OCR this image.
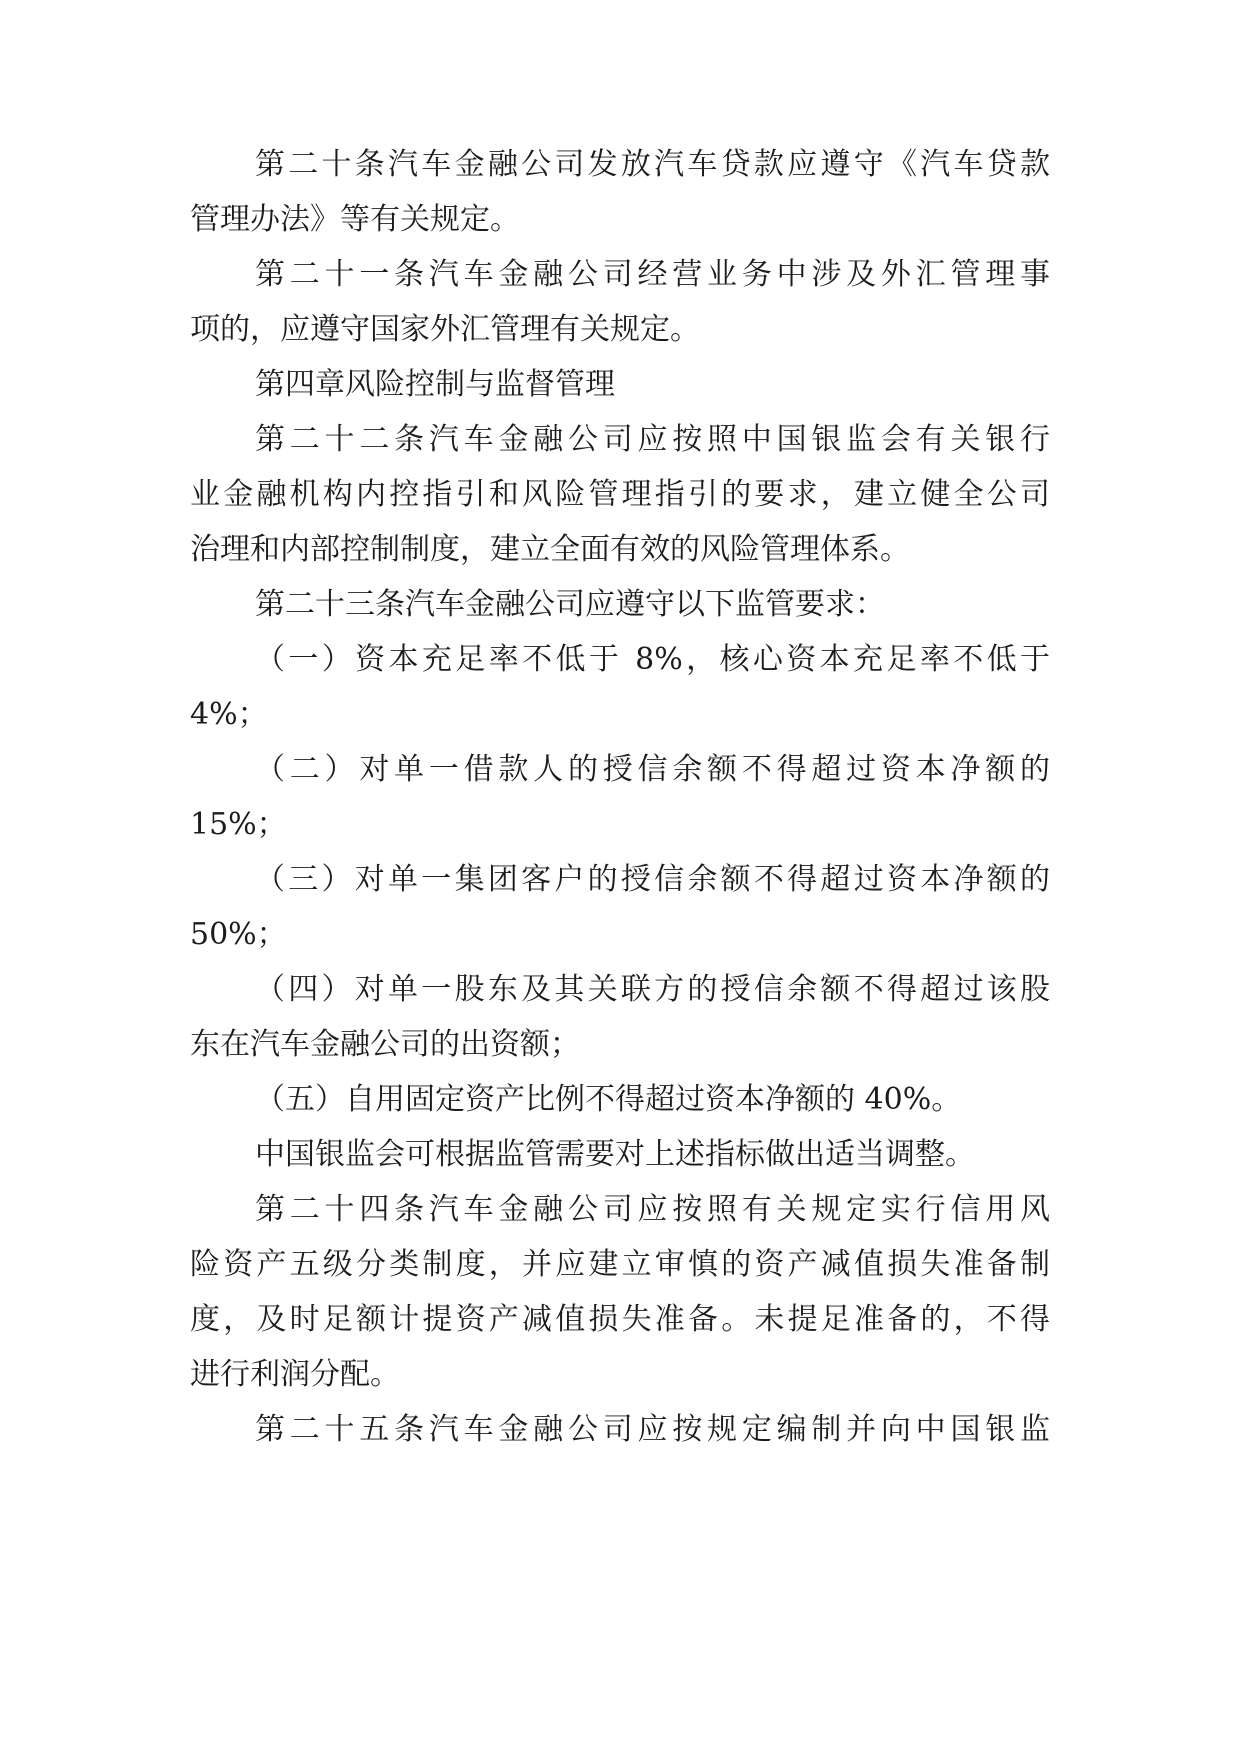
第二十条汽车金融公司发放汽车贷款应遵守《汽车贷款

管理办法》等有关规定。

第二十一条汽车金融公司经营业务中涉及外汇管理事

项的，应遵守国家外汇管理有关规定。

第四章风险控制与监督管理

第二十二条汽车金融公司应按照中国银监会有关银行

业金融机构内控指引和风险管理指引的要求，建立健全公司

治理和内部控制制度，建立全面有效的风险管理体系。

第二十三条汽车金融公司应遵守以下监管要求：

（一）资本充足率不低于 8%，核心资本充足率不低于

4%；

（二）对单一借款人的授信余额不得超过资本净额的

15%；

（三）对单一集团客户的授信余额不得超过资本净额的

50%；

（四）对单一股东及其关联方的授信余额不得超过该股

东在汽车金融公司的出资额；

（五）自用固定资产比例不得超过资本净额的 40%。

中国银监会可根据监管需要对上述指标做出适当调整。

第二十四条汽车金融公司应按照有关规定实行信用风

险资产五级分类制度，并应建立审慎的资产减值损失准备制

度，及时足额计提资产减值损失准备。未提足准备的，不得

进行利润分配。

第二十五条汽车金融公司应按规定编制并向中国银监
